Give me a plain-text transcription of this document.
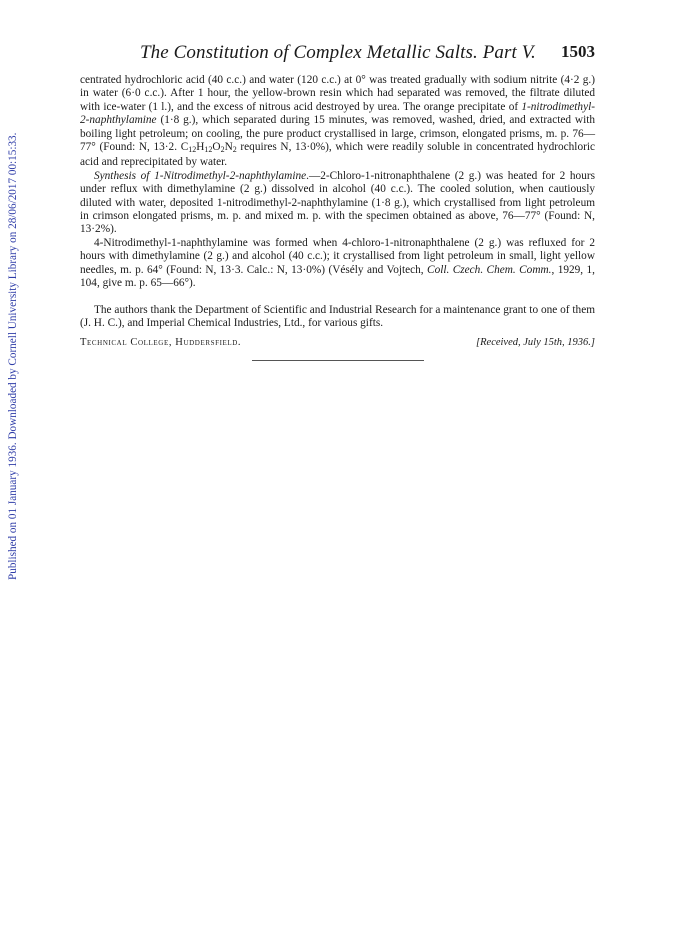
The Constitution of Complex Metallic Salts. Part V. 1503

centrated hydrochloric acid (40 c.c.) and water (120 c.c.) at 0° was treated gradually with sodium nitrite (4·2 g.) in water (6·0 c.c.). After 1 hour, the yellow-brown resin which had separated was removed, the filtrate diluted with ice-water (1 l.), and the excess of nitrous acid destroyed by urea. The orange precipitate of 1-nitrodimethyl-2-naphthylamine (1·8 g.), which separated during 15 minutes, was removed, washed, dried, and extracted with boiling light petroleum; on cooling, the pure product crystallised in large, crimson, elongated prisms, m. p. 76—77° (Found: N, 13·2. $C_{12}H_{12}O_2N_2$ requires N, 13·0%), which were readily soluble in concentrated hydrochloric acid and reprecipitated by water.

Synthesis of 1-Nitrodimethyl-2-naphthylamine.—2-Chloro-1-nitronaphthalene (2 g.) was heated for 2 hours under reflux with dimethylamine (2 g.) dissolved in alcohol (40 c.c.). The cooled solution, when cautiously diluted with water, deposited 1-nitrodimethyl-2-naphthylamine (1·8 g.), which crystallised from light petroleum in crimson elongated prisms, m. p. and mixed m. p. with the specimen obtained as above, 76—77° (Found: N, 13·2%).

4-Nitrodimethyl-1-naphthylamine was formed when 4-chloro-1-nitronaphthalene (2 g.) was refluxed for 2 hours with dimethylamine (2 g.) and alcohol (40 c.c.); it crystallised from light petroleum in small, light yellow needles, m. p. 64° (Found: N, 13·3. Calc.: N, 13·0%) (Vésély and Vojtech, Coll. Czech. Chem. Comm., 1929, 1, 104, give m. p. 65—66°).

The authors thank the Department of Scientific and Industrial Research for a maintenance grant to one of them (J. H. C.), and Imperial Chemical Industries, Ltd., for various gifts.

Technical College, Huddersfield.	[Received, July 15th, 1936.]
Published on 01 January 1936. Downloaded by Cornell University Library on 28/06/2017 00:15:33.
